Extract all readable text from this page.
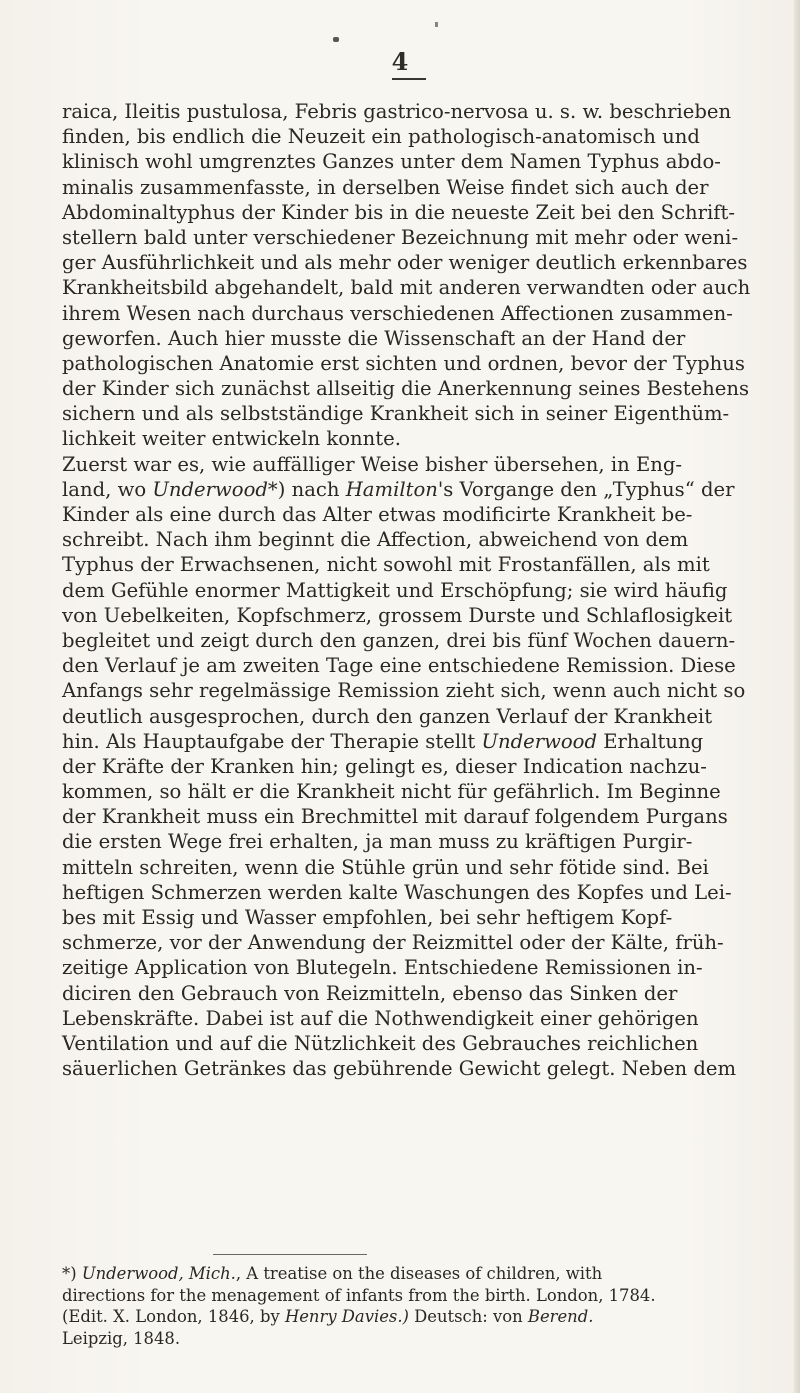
4
raica, Ileitis pustulosa, Febris gastrico-nervosa u. s. w. beschrieben
finden, bis endlich die Neuzeit ein pathologisch-anatomisch und
klinisch wohl umgrenztes Ganzes unter dem Namen Typhus abdo-
minalis zusammenfasste, in derselben Weise findet sich auch der
Abdominaltyphus der Kinder bis in die neueste Zeit bei den Schrift-
stellern bald unter verschiedener Bezeichnung mit mehr oder weni-
ger Ausführlichkeit und als mehr oder weniger deutlich erkennbares
Krankheitsbild abgehandelt, bald mit anderen verwandten oder auch
ihrem Wesen nach durchaus verschiedenen Affectionen zusammen-
geworfen. Auch hier musste die Wissenschaft an der Hand der
pathologischen Anatomie erst sichten und ordnen, bevor der Typhus
der Kinder sich zunächst allseitig die Anerkennung seines Bestehens
sichern und als selbstständige Krankheit sich in seiner Eigenthüm-
lichkeit weiter entwickeln konnte.
Zuerst war es, wie auffälliger Weise bisher übersehen, in Eng-
land, wo Underwood*) nach Hamilton's Vorgange den „Typhus“ der
Kinder als eine durch das Alter etwas modificirte Krankheit be-
schreibt. Nach ihm beginnt die Affection, abweichend von dem
Typhus der Erwachsenen, nicht sowohl mit Frostanfällen, als mit
dem Gefühle enormer Mattigkeit und Erschöpfung; sie wird häufig
von Uebelkeiten, Kopfschmerz, grossem Durste und Schlaflosigkeit
begleitet und zeigt durch den ganzen, drei bis fünf Wochen dauern-
den Verlauf je am zweiten Tage eine entschiedene Remission. Diese
Anfangs sehr regelmässige Remission zieht sich, wenn auch nicht so
deutlich ausgesprochen, durch den ganzen Verlauf der Krankheit
hin. Als Hauptaufgabe der Therapie stellt Underwood Erhaltung
der Kräfte der Kranken hin; gelingt es, dieser Indication nachzu-
kommen, so hält er die Krankheit nicht für gefährlich. Im Beginne
der Krankheit muss ein Brechmittel mit darauf folgendem Purgans
die ersten Wege frei erhalten, ja man muss zu kräftigen Purgir-
mitteln schreiten, wenn die Stühle grün und sehr fötide sind. Bei
heftigen Schmerzen werden kalte Waschungen des Kopfes und Lei-
bes mit Essig und Wasser empfohlen, bei sehr heftigem Kopf-
schmerze, vor der Anwendung der Reizmittel oder der Kälte, früh-
zeitige Application von Blutegeln. Entschiedene Remissionen in-
diciren den Gebrauch von Reizmitteln, ebenso das Sinken der
Lebenskräfte. Dabei ist auf die Nothwendigkeit einer gehörigen
Ventilation und auf die Nützlichkeit des Gebrauches reichlichen
säuerlichen Getränkes das gebührende Gewicht gelegt. Neben dem
*) Underwood, Mich., A treatise on the diseases of children, with
directions for the menagement of infants from the birth. London, 1784.
(Edit. X. London, 1846, by Henry Davies.) Deutsch: von Berend.
Leipzig, 1848.
